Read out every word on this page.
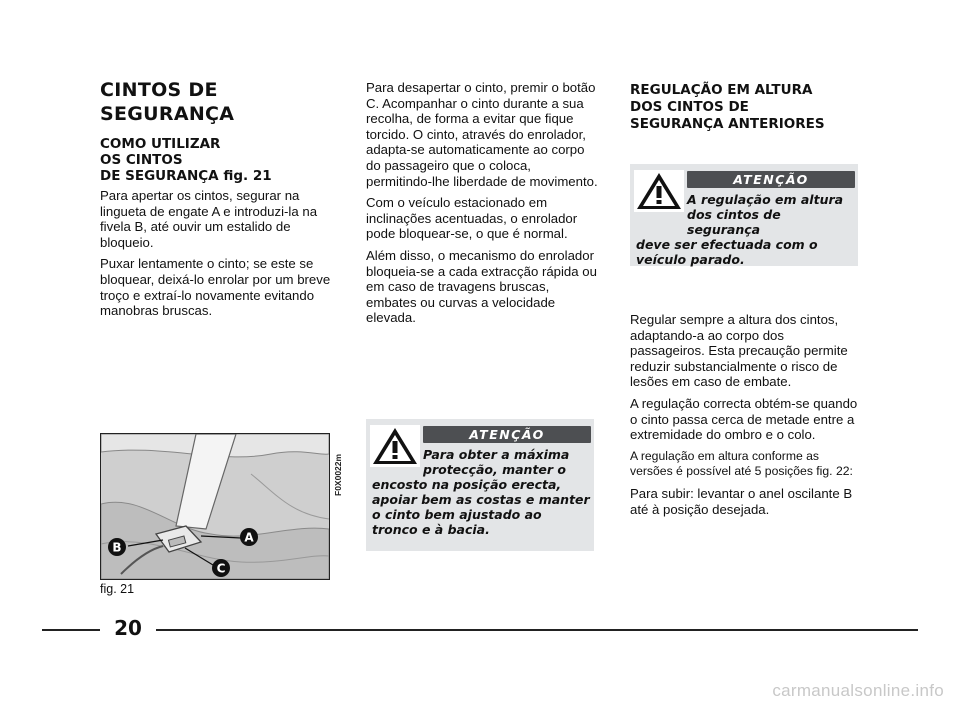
CINTOS DE
SEGURANÇA
COMO UTILIZAR
OS CINTOS
DE SEGURANÇA fig. 21

Para apertar os cintos, segurar na lingueta de engate A e introduzi-la na fivela B, até ouvir um estalido de bloqueio.

Puxar lentamente o cinto; se este se bloquear, deixá-lo enrolar por um breve troço e extraí-lo novamente evitando manobras bruscas.

B
A
C
F0X0022m
fig. 21

Para desapertar o cinto, premir o botão C. Acompanhar o cinto durante a sua recolha, de forma a evitar que fique torcido. O cinto, através do enrolador, adapta-se automaticamente ao corpo do passageiro que o coloca, permitindo-lhe liberdade de movimento.

Com o veículo estacionado em inclinações acentuadas, o enrolador pode bloquear-se, o que é normal.

Além disso, o mecanismo do enrolador bloqueia-se a cada extracção rápida ou em caso de travagens bruscas, embates ou curvas a velocidade elevada.

ATENÇÃO
Para obter a máxima protecção, manter o
encosto na posição erecta, apoiar bem as costas e manter o cinto bem ajustado ao tronco e à bacia.
REGULAÇÃO EM ALTURA
DOS CINTOS DE
SEGURANÇA ANTERIORES
ATENÇÃO
A regulação em altura dos cintos de segurança
deve ser efectuada com o veículo parado.

Regular sempre a altura dos cintos, adaptando-a ao corpo dos passageiros. Esta precaução permite reduzir substancialmente o risco de lesões em caso de embate.

A regulação correcta obtém-se quando o cinto passa cerca de metade entre a extremidade do ombro e o colo.

A regulação em altura conforme as versões é possível até 5 posições fig. 22:

Para subir: levantar o anel oscilante B até à posição desejada.

20
carmanualsonline.info
